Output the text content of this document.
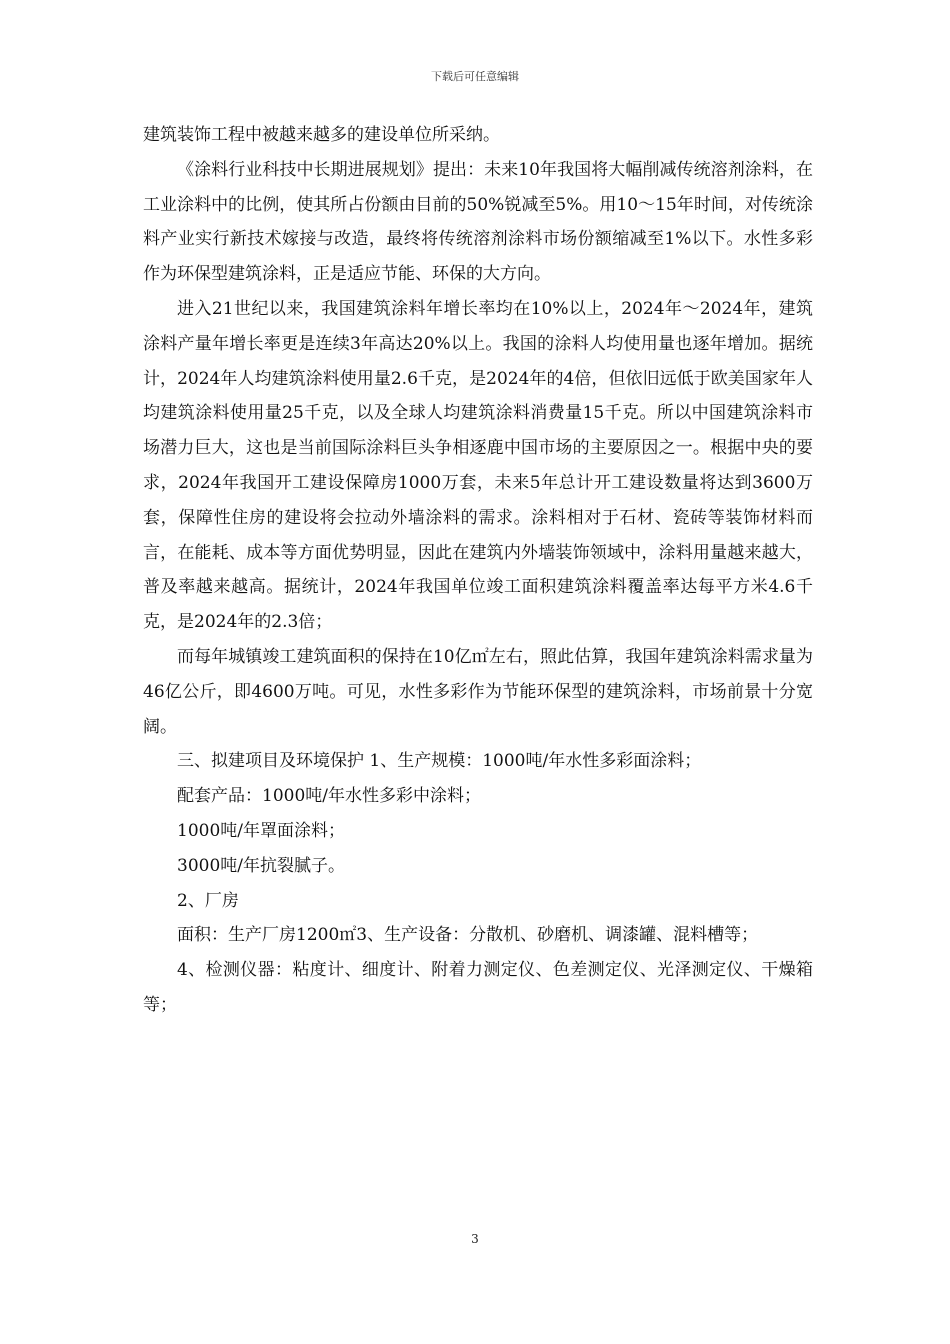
下载后可任意编辑

建筑装饰工程中被越来越多的建设单位所采纳。

《涂料行业科技中长期进展规划》提出：未来10年我国将大幅削减传统溶剂涂料，在工业涂料中的比例，使其所占份额由目前的50%锐减至5%。用10～15年时间，对传统涂料产业实行新技术嫁接与改造，最终将传统溶剂涂料市场份额缩减至1%以下。水性多彩作为环保型建筑涂料，正是适应节能、环保的大方向。

进入21世纪以来，我国建筑涂料年增长率均在10%以上，2024年～2024年，建筑涂料产量年增长率更是连续3年高达20%以上。我国的涂料人均使用量也逐年增加。据统计，2024年人均建筑涂料使用量2.6千克，是2024年的4倍，但依旧远低于欧美国家年人均建筑涂料使用量25千克，以及全球人均建筑涂料消费量15千克。所以中国建筑涂料市场潜力巨大，这也是当前国际涂料巨头争相逐鹿中国市场的主要原因之一。根据中央的要求，2024年我国开工建设保障房1000万套，未来5年总计开工建设数量将达到3600万套，保障性住房的建设将会拉动外墙涂料的需求。涂料相对于石材、瓷砖等装饰材料而言，在能耗、成本等方面优势明显，因此在建筑内外墙装饰领域中，涂料用量越来越大，普及率越来越高。据统计，2024年我国单位竣工面积建筑涂料覆盖率达每平方米4.6千克，是2024年的2.3倍；

而每年城镇竣工建筑面积的保持在10亿㎡左右，照此估算，我国年建筑涂料需求量为46亿公斤，即4600万吨。可见，水性多彩作为节能环保型的建筑涂料，市场前景十分宽阔。

三、拟建项目及环境保护 1、生产规模：1000吨/年水性多彩面涂料；

配套产品：1000吨/年水性多彩中涂料；

1000吨/年罩面涂料；

3000吨/年抗裂腻子。

2、厂房

面积：生产厂房1200㎡3、生产设备：分散机、砂磨机、调漆罐、混料槽等；

4、检测仪器：粘度计、细度计、附着力测定仪、色差测定仪、光泽测定仪、干燥箱等；

3
